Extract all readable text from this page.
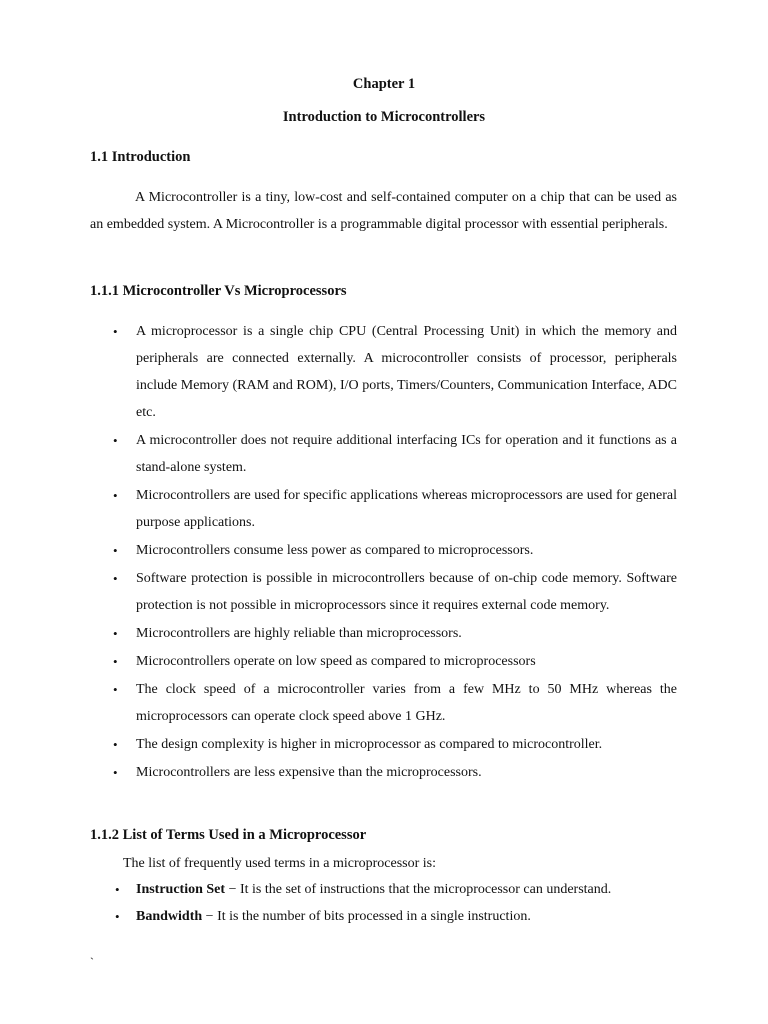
Chapter 1
Introduction to Microcontrollers
1.1 Introduction

A Microcontroller is a tiny, low-cost and self-contained computer on a chip that can be used as an embedded system. A Microcontroller is a programmable digital processor with essential peripherals.

1.1.1 Microcontroller Vs Microprocessors
• A microprocessor is a single chip CPU (Central Processing Unit) in which the memory and peripherals are connected externally. A microcontroller consists of processor, peripherals include Memory (RAM and ROM), I/O ports, Timers/Counters, Communication Interface, ADC etc.
• A microcontroller does not require additional interfacing ICs for operation and it functions as a stand-alone system.
• Microcontrollers are used for specific applications whereas microprocessors are used for general purpose applications.
• Microcontrollers consume less power as compared to microprocessors.
• Software protection is possible in microcontrollers because of on-chip code memory. Software protection is not possible in microprocessors since it requires external code memory.
• Microcontrollers are highly reliable than microprocessors.
• Microcontrollers operate on low speed as compared to microprocessors
• The clock speed of a microcontroller varies from a few MHz to 50 MHz whereas the microprocessors can operate clock speed above 1 GHz.
• The design complexity is higher in microprocessor as compared to microcontroller.
• Microcontrollers are less expensive than the microprocessors.
1.1.2 List of Terms Used in a Microprocessor
The list of frequently used terms in a microprocessor is:
• Instruction Set − It is the set of instructions that the microprocessor can understand.
• Bandwidth − It is the number of bits processed in a single instruction.
`
